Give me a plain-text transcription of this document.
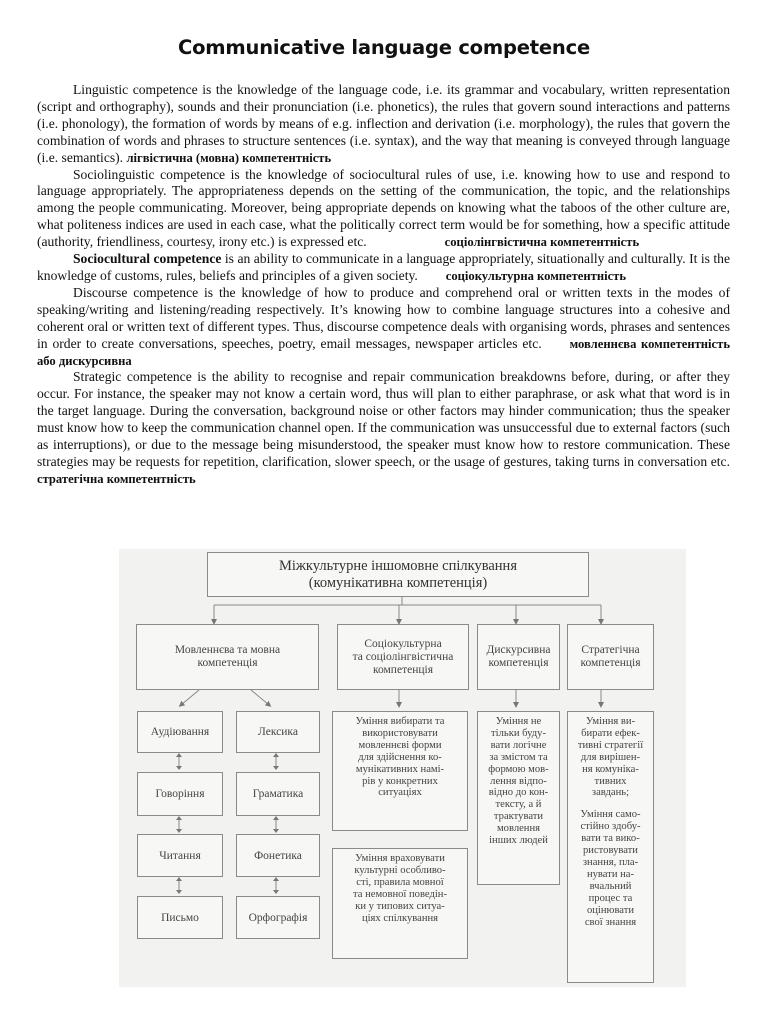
Communicative language competence

Linguistic competence is the knowledge of the language code, i.e. its grammar and vocabulary, written representation (script and orthography), sounds and their pronunciation (i.e. phonetics), the rules that govern sound interactions and patterns (i.e. phonology), the formation of words by means of e.g. inflection and derivation (i.e. morphology), the rules that govern the combination of words and phrases to structure sentences (i.e. syntax), and the way that meaning is conveyed through language (i.e. semantics). лігвістична (мовна) компетентність

Sociolinguistic competence is the knowledge of sociocultural rules of use, i.e. knowing how to use and respond to language appropriately. The appropriateness depends on the setting of the communication, the topic, and the relationships among the people communicating. Moreover, being appropriate depends on knowing what the taboos of the other culture are, what politeness indices are used in each case, what the politically correct term would be for something, how a specific attitude (authority, friendliness, courtesy, irony etc.) is expressed etc.	соціолінгвістична компетентність

Sociocultural competence is an ability to communicate in a language appropriately, situationally and culturally. It is the knowledge of customs, rules, beliefs and principles of a given society. соціокультурна компетентність

Discourse competence is the knowledge of how to produce and comprehend oral or written texts in the modes of speaking/writing and listening/reading respectively. It’s knowing how to combine language structures into a cohesive and coherent oral or written text of different types. Thus, discourse competence deals with organising words, phrases and sentences in order to create conversations, speeches, poetry, email messages, newspaper articles etc. мовленнєва компетентність або дискурсивна

Strategic competence is the ability to recognise and repair communication breakdowns before, during, or after they occur. For instance, the speaker may not know a certain word, thus will plan to either paraphrase, or ask what that word is in the target language. During the conversation, background noise or other factors may hinder communication; thus the speaker must know how to keep the communication channel open. If the communication was unsuccessful due to external factors (such as interruptions), or due to the message being misunderstood, the speaker must know how to restore communication. These strategies may be requests for repetition, clarification, slower speech, or the usage of gestures, taking turns in conversation etc. стратегічна компетентність

Міжкультурне іншомовне спілкування
(комунікативна компетенція)
Мовленнєва та мовна
компетенція
Соціокультурна
та соціолінгвістична
компетенція
Дискурсивна
компетенція
Стратегічна
компетенція
Аудіювання
Говоріння
Читання
Письмо
Лексика
Граматика
Фонетика
Орфографія
Уміння вибирати та
використовувати
мовленнєві форми
для здійснення ко-
мунікативних намі-
рів у конкретних
ситуаціях
Уміння враховувати
культурні особливо-
сті, правила мовної
та немовної поведін-
ки у типових ситуа-
ціях спілкування
Уміння не
тільки буду-
вати логічне
за змістом та
формою мов-
лення відпо-
відно до кон-
тексту, а й
трактувати
мовлення
інших людей
Уміння ви-
бирати ефек-
тивні стратегії
для вирішен-
ня комуніка-
тивних
завдань;
Уміння само-
стійно здобу-
вати та вико-
ристовувати
знання, пла-
нувати на-
вчальний
процес та
оцінювати
свої знання
